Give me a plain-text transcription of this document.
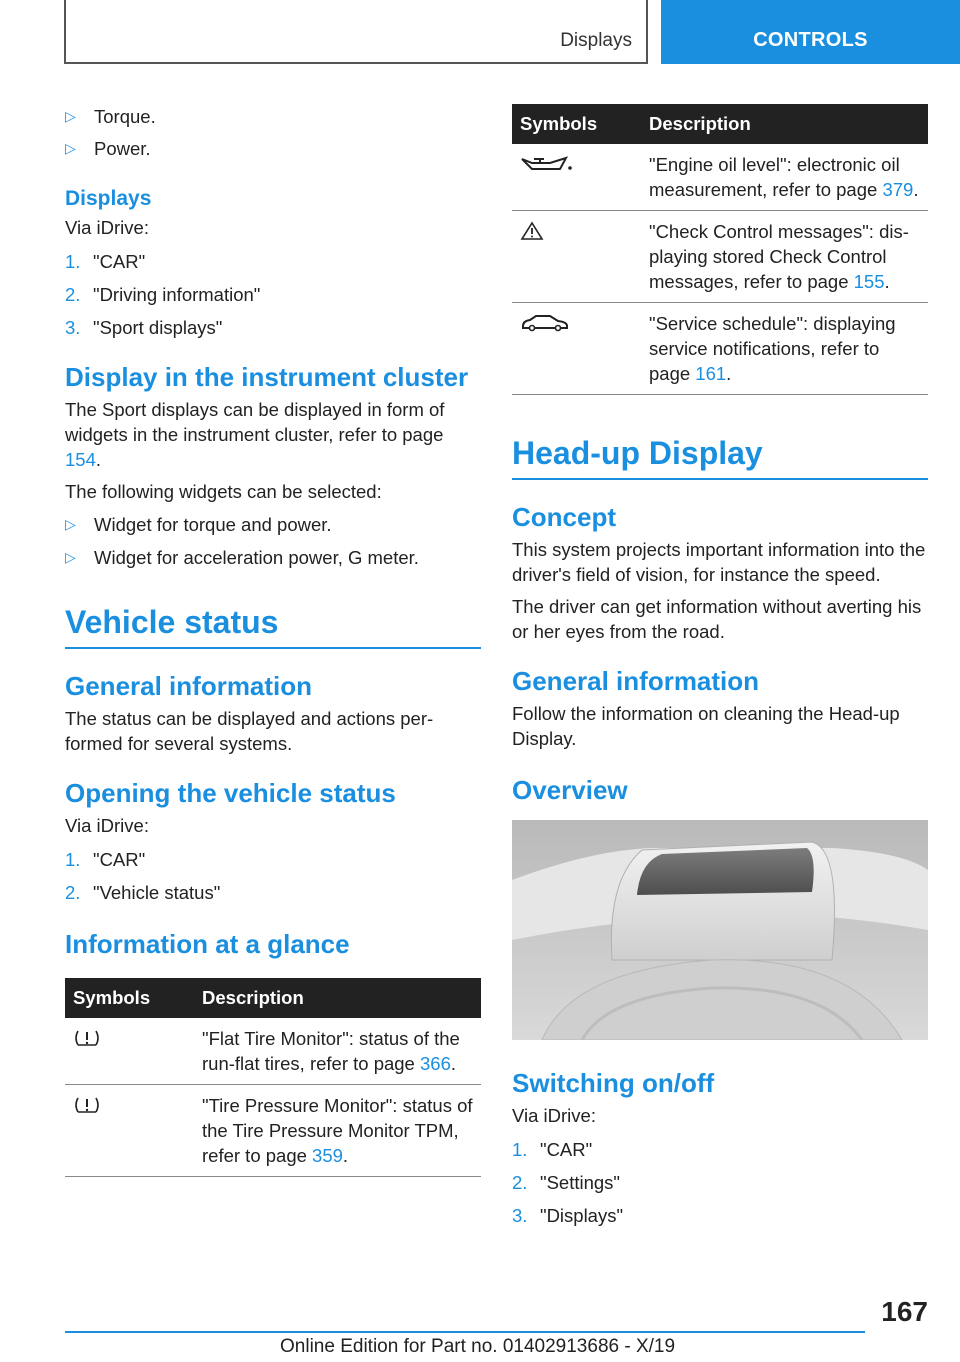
Displays	CONTROLS
▷ Torque.
▷ Power.
Displays

Via iDrive:

1. "CAR"
2. "Driving information"
3. "Sport displays"
Display in the instrument cluster

The Sport displays can be displayed in form of widgets in the instrument cluster, refer to page 154.

The following widgets can be selected:

▷ Widget for torque and power.
▷ Widget for acceleration power, G meter.
Vehicle status
General information

The status can be displayed and actions per-formed for several systems.

Opening the vehicle status

Via iDrive:

1. "CAR"
2. "Vehicle status"
Information at a glance
Symbols	Description
	"Flat Tire Monitor": status of the run-flat tires, refer to page 366.
	"Tire Pressure Monitor": status of the Tire Pressure Monitor TPM, refer to page 359.
Symbols	Description
	"Engine oil level": electronic oil measurement, refer to page 379.
	"Check Control messages": dis-playing stored Check Control messages, refer to page 155.
	"Service schedule": displaying service notifications, refer to page 161.
Head-up Display
Concept

This system projects important information into the driver's field of vision, for instance the speed.

The driver can get information without averting his or her eyes from the road.

General information

Follow the information on cleaning the Head-up Display.

Overview
Switching on/off

Via iDrive:

1. "CAR"
2. "Settings"
3. "Displays"
167
Online Edition for Part no. 01402913686 - X/19
